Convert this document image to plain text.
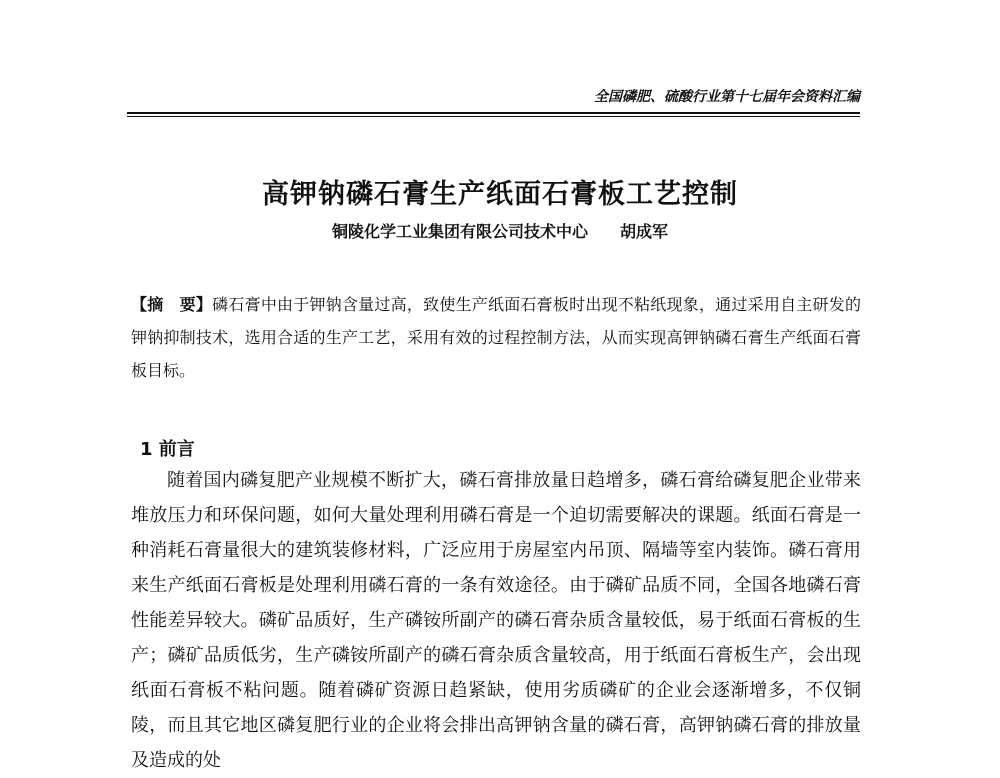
全国磷肥、硫酸行业第十七届年会资料汇编
高钾钠磷石膏生产纸面石膏板工艺控制
铜陵化学工业集团有限公司技术中心 胡成军
【摘　要】磷石膏中由于钾钠含量过高，致使生产纸面石膏板时出现不粘纸现象，通过采用自主研发的钾钠抑制技术，选用合适的生产工艺，采用有效的过程控制方法，从而实现高钾钠磷石膏生产纸面石膏板目标。
1 前言
随着国内磷复肥产业规模不断扩大，磷石膏排放量日趋增多，磷石膏给磷复肥企业带来堆放压力和环保问题，如何大量处理利用磷石膏是一个迫切需要解决的课题。纸面石膏是一种消耗石膏量很大的建筑装修材料，广泛应用于房屋室内吊顶、隔墙等室内装饰。磷石膏用来生产纸面石膏板是处理利用磷石膏的一条有效途径。由于磷矿品质不同，全国各地磷石膏性能差异较大。磷矿品质好，生产磷铵所副产的磷石膏杂质含量较低，易于纸面石膏板的生产；磷矿品质低劣，生产磷铵所副产的磷石膏杂质含量较高，用于纸面石膏板生产，会出现纸面石膏板不粘问题。随着磷矿资源日趋紧缺，使用劣质磷矿的企业会逐渐增多，不仅铜陵，而且其它地区磷复肥行业的企业将会排出高钾钠含量的磷石膏，高钾钠磷石膏的排放量及造成的处
